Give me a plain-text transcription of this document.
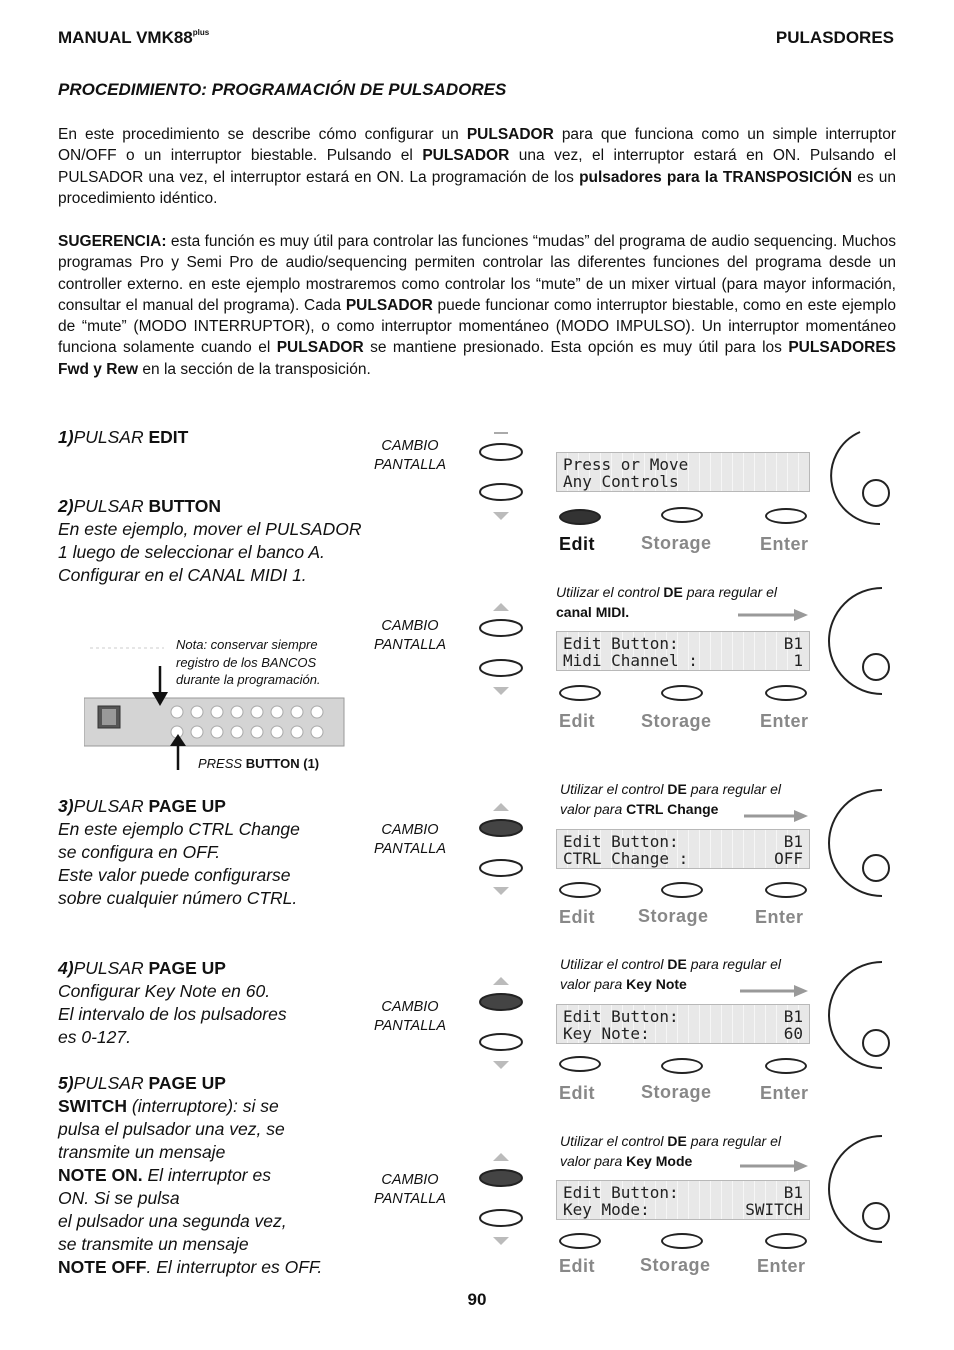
MANUAL $VMK88^{plus}$	PULASDORES
PROCEDIMIENTO: PROGRAMACIÓN DE PULSADORES
En este procedimiento se describe cómo configurar un PULSADOR para que funciona como un simple interruptor ON/OFF o un interruptor biestable. Pulsando el PULSADOR una vez, el interruptor estará en ON. Pulsando el PULSADOR una vez, el interruptor estará en ON. La programación de los pulsadores para la TRANSPOSICIÓN es un procedimiento idéntico.
SUGERENCIA: esta función es muy útil para controlar las funciones “mudas” del programa de audio sequencing. Muchos programas Pro y Semi Pro de audio/sequencing permiten controlar las diferentes funciones del programa desde un controller externo. en este ejemplo mostraremos como controlar los “mute” de un mixer virtual (para mayor información, consultar el manual del programa). Cada PULSADOR puede funcionar como interruptor biestable, como en este ejemplo de “mute” (MODO INTERRUPTOR), o como interruptor momentáneo (MODO IMPULSO). Un interruptor momentáneo funciona solamente cuando el PULSADOR se mantiene presionado. Esta opción es muy útil para los PULSADORES Fwd y Rew en la sección de la transposición.
1)PULSAR EDIT
2)PULSAR BUTTON
En este ejemplo, mover el PULSADOR
1 luego de seleccionar el banco A.
Configurar en el CANAL MIDI 1.
3)PULSAR PAGE UP
En este ejemplo CTRL Change
se configura en OFF.
Este valor puede configurarse
sobre cualquier número CTRL.
4)PULSAR PAGE UP
Configurar Key Note en 60.
El intervalo de los pulsadores
es 0-127.
5)PULSAR PAGE UP
SWITCH (interruptore): si se
pulsa el pulsador una vez, se
transmite un mensaje
NOTE ON. El interruptor es
ON. Si se pulsa
el pulsador una segunda vez,
se transmite un mensaje
NOTE OFF. El interruptor es OFF.
Nota: conservar siempre registro de los BANCOS durante la programación.
PRESS BUTTON (1)
CAMBIO
PANTALLA
CAMBIO
PANTALLA
CAMBIO
PANTALLA
CAMBIO
PANTALLA
CAMBIO
PANTALLA
Utilizar el control DE para regular el
canal MIDI.
Utilizar el control DE para regular el
valor para CTRL Change
Utilizar el control DE para regular el
valor para Key Note
Utilizar el control DE para regular el
valor para Key Mode
Press or Move
Any Controls
Edit Button:	B1
Midi Channel :	1
Edit Button:	B1
CTRL Change :	OFF
Edit Button:	B1
Key Note:	60
Edit Button:	B1
Key Mode:	SWITCH
Edit	Storage	Enter
Edit	Storage	Enter
Edit Storage	Enter
Edit	Storage	Enter
Edit	Storage	Enter
90
